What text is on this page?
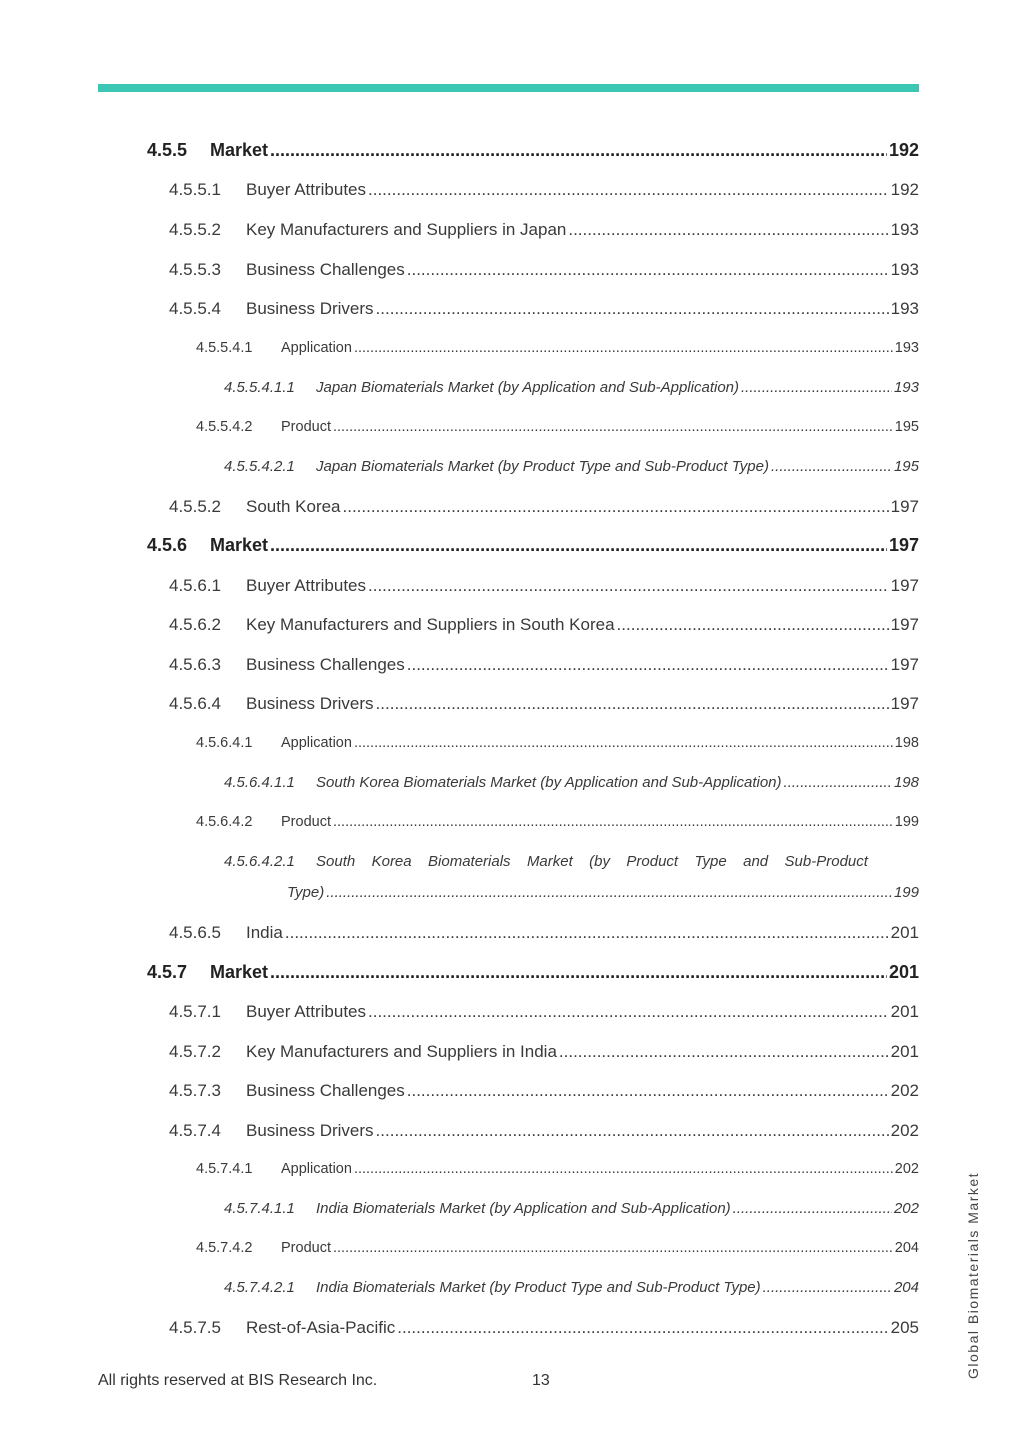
4.5.5	Market .....	192
4.5.5.1	Buyer Attributes .....	192
4.5.5.2	Key Manufacturers and Suppliers in Japan .....	193
4.5.5.3	Business Challenges .....	193
4.5.5.4	Business Drivers .....	193
4.5.5.4.1	Application .....	193
4.5.5.4.1.1	Japan Biomaterials Market (by Application and Sub-Application) .....	193
4.5.5.4.2	Product .....	195
4.5.5.4.2.1	Japan Biomaterials Market (by Product Type and Sub-Product Type) .....	195
4.5.5.2	South Korea .....	197
4.5.6	Market .....	197
4.5.6.1	Buyer Attributes .....	197
4.5.6.2	Key Manufacturers and Suppliers in South Korea .....	197
4.5.6.3	Business Challenges .....	197
4.5.6.4	Business Drivers .....	197
4.5.6.4.1	Application .....	198
4.5.6.4.1.1	South Korea Biomaterials Market (by Application and Sub-Application) .....	198
4.5.6.4.2	Product .....	199
4.5.6.4.2.1	South Korea Biomaterials Market (by Product Type and Sub-Product
Type) .....	199
4.5.6.5	India .....	201
4.5.7	Market .....	201
4.5.7.1	Buyer Attributes .....	201
4.5.7.2	Key Manufacturers and Suppliers in India .....	201
4.5.7.3	Business Challenges .....	202
4.5.7.4	Business Drivers .....	202
4.5.7.4.1	Application .....	202
4.5.7.4.1.1	India Biomaterials Market (by Application and Sub-Application) .....	202
4.5.7.4.2	Product .....	204
4.5.7.4.2.1	India Biomaterials Market (by Product Type and Sub-Product Type) .....	204
4.5.7.5	Rest-of-Asia-Pacific .....	205
All rights reserved at BIS Research Inc.	13
Global Biomaterials Market
